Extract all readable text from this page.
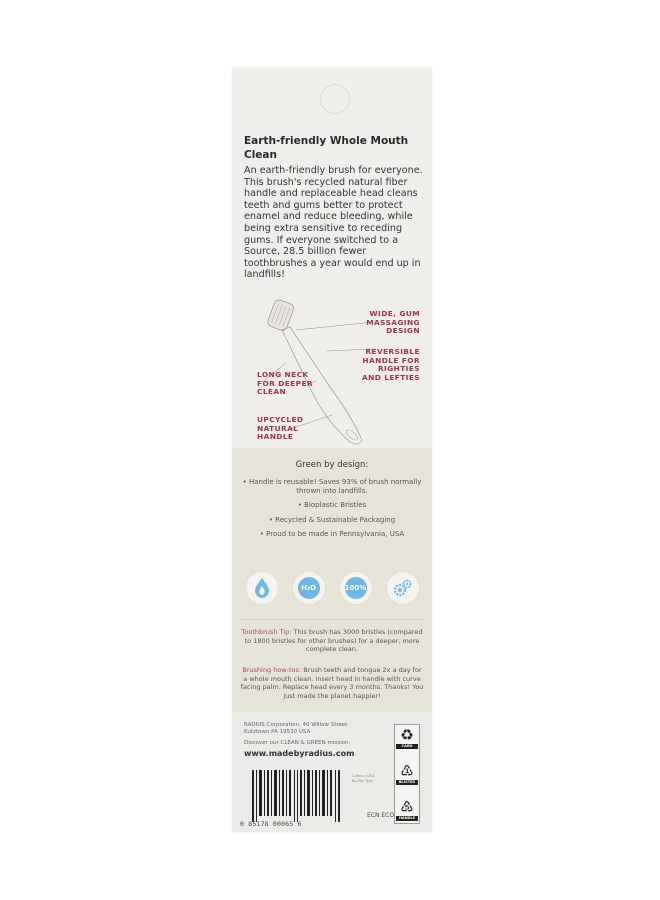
Earth-friendly Whole Mouth Clean
An earth-friendly brush for everyone. This brush's recycled natural fiber handle and replaceable head cleans teeth and gums better to protect enamel and reduce bleeding, while being extra sensitive to receding gums. If everyone switched to a Source, 28.5 billion fewer toothbrushes a year would end up in landfills!
WIDE, GUM MASSAGING DESIGN
REVERSIBLE HANDLE FOR RIGHTIES AND LEFTIES
LONG NECK FOR DEEPER CLEAN
UPCYCLED NATURAL HANDLE
Green by design:
• Handle is reusable! Saves 93% of brush normally thrown into landfills.
• Bioplastic Bristles
• Recycled & Sustainable Packaging
• Proud to be made in Pennsylvania, USA
H₂O	100%
Toothbrush Tip: This brush has 3000 bristles (compared to 1800 bristles for other brushes) for a deeper, more complete clean.
Brushing how-tos: Brush teeth and tongue 2x a day for a whole mouth clean. Insert head in handle with curve facing palm. Replace head every 3 months. Thanks! You just made the planet happier!
RADIUS Corporation, 40 Willow Street
Kutztown PA 19530 USA
Discover our CLEAN & GREEN mission:
www.madebyradius.com
0 85178 00065 6
Cotton / USA
Bu-Pac Type
ECN ECO
♻
CARD
♳
BLISTER
♷
HANDLE
